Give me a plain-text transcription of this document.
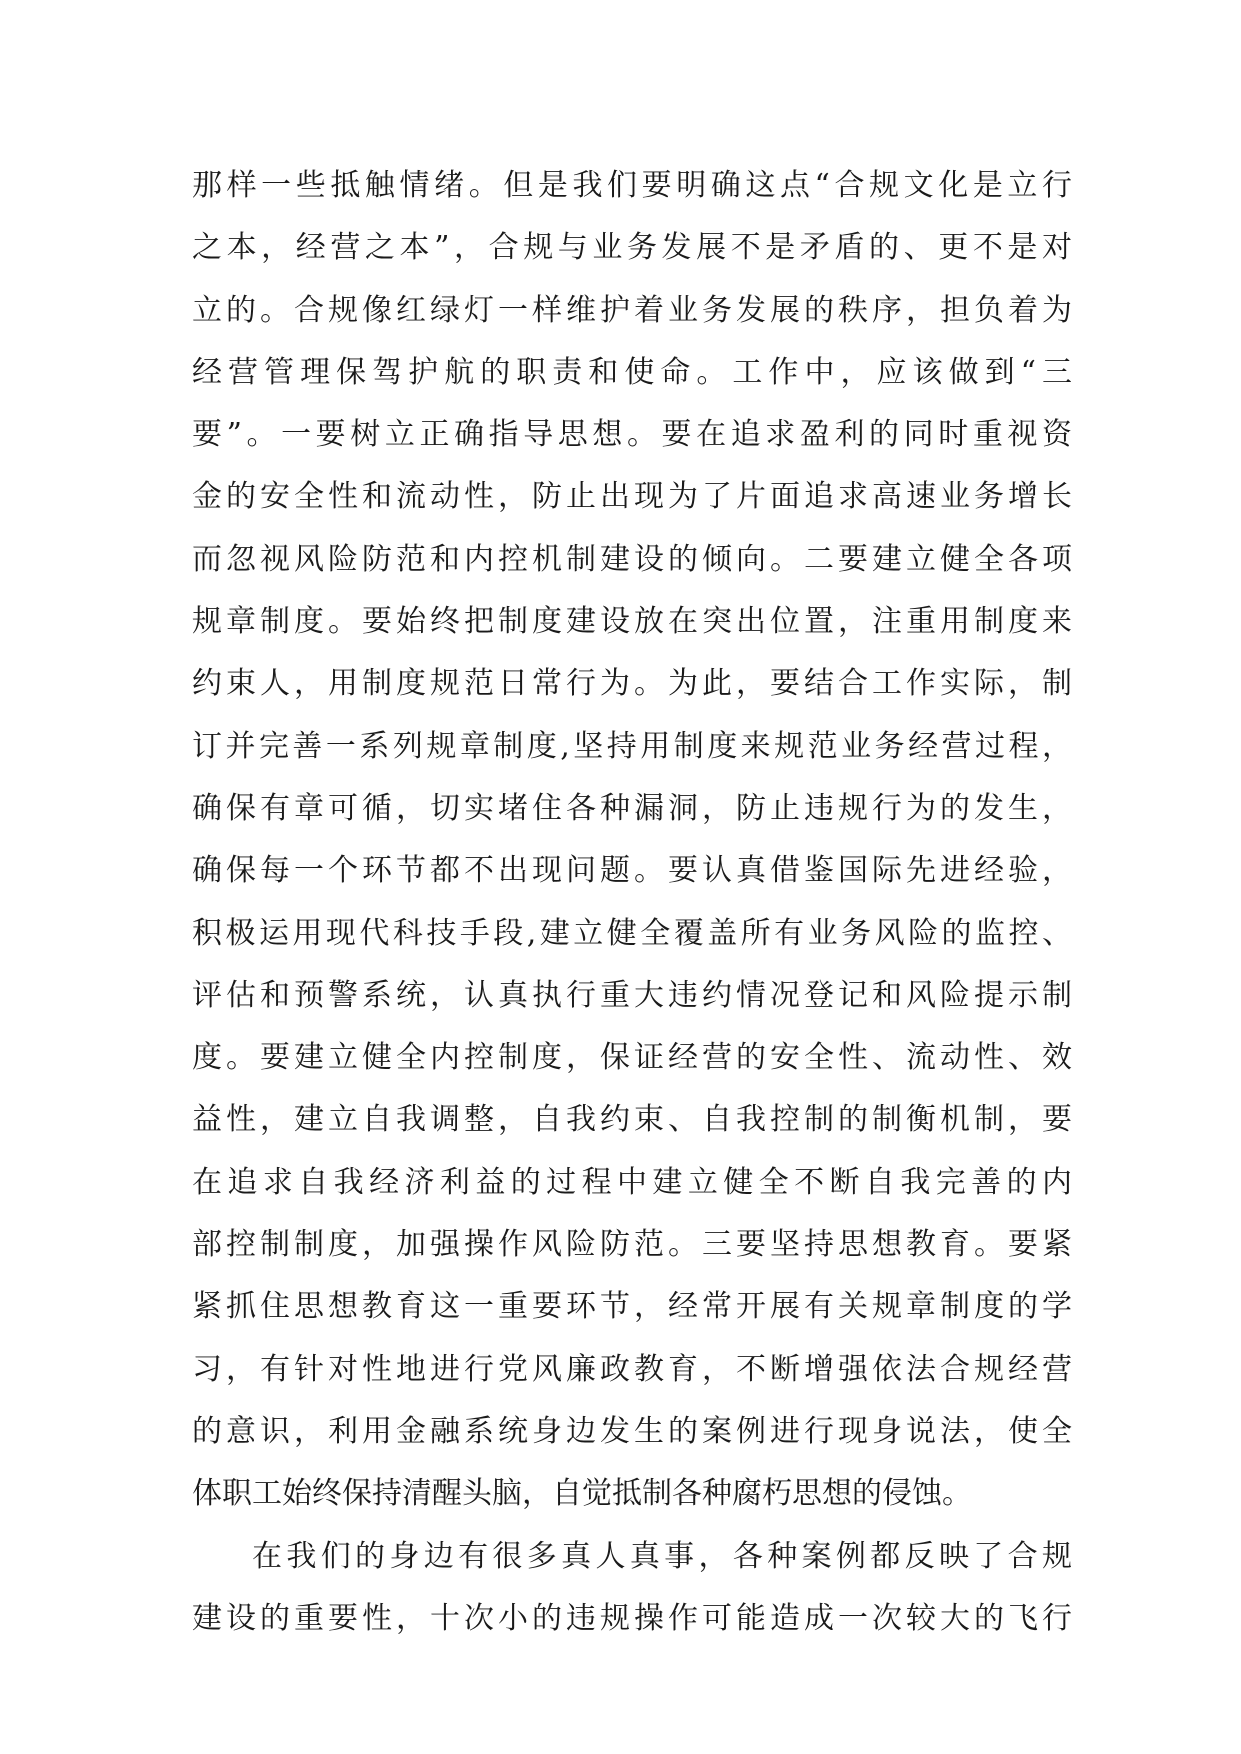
那样一些抵触情绪。但是我们要明确这点“合规文化是立行
之本，经营之本”，合规与业务发展不是矛盾的、更不是对
立的。合规像红绿灯一样维护着业务发展的秩序，担负着为
经营管理保驾护航的职责和使命。工作中，应该做到“三
要”。一要树立正确指导思想。要在追求盈利的同时重视资
金的安全性和流动性，防止出现为了片面追求高速业务增长
而忽视风险防范和内控机制建设的倾向。二要建立健全各项
规章制度。要始终把制度建设放在突出位置，注重用制度来
约束人，用制度规范日常行为。为此，要结合工作实际，制
订并完善一系列规章制度,坚持用制度来规范业务经营过程，
确保有章可循，切实堵住各种漏洞，防止违规行为的发生，
确保每一个环节都不出现问题。要认真借鉴国际先进经验，
积极运用现代科技手段,建立健全覆盖所有业务风险的监控、
评估和预警系统，认真执行重大违约情况登记和风险提示制
度。要建立健全内控制度，保证经营的安全性、流动性、效
益性，建立自我调整，自我约束、自我控制的制衡机制，要
在追求自我经济利益的过程中建立健全不断自我完善的内
部控制制度，加强操作风险防范。三要坚持思想教育。要紧
紧抓住思想教育这一重要环节，经常开展有关规章制度的学
习，有针对性地进行党风廉政教育，不断增强依法合规经营
的意识，利用金融系统身边发生的案例进行现身说法，使全
体职工始终保持清醒头脑，自觉抵制各种腐朽思想的侵蚀。
在我们的身边有很多真人真事，各种案例都反映了合规
建设的重要性，十次小的违规操作可能造成一次较大的飞行
